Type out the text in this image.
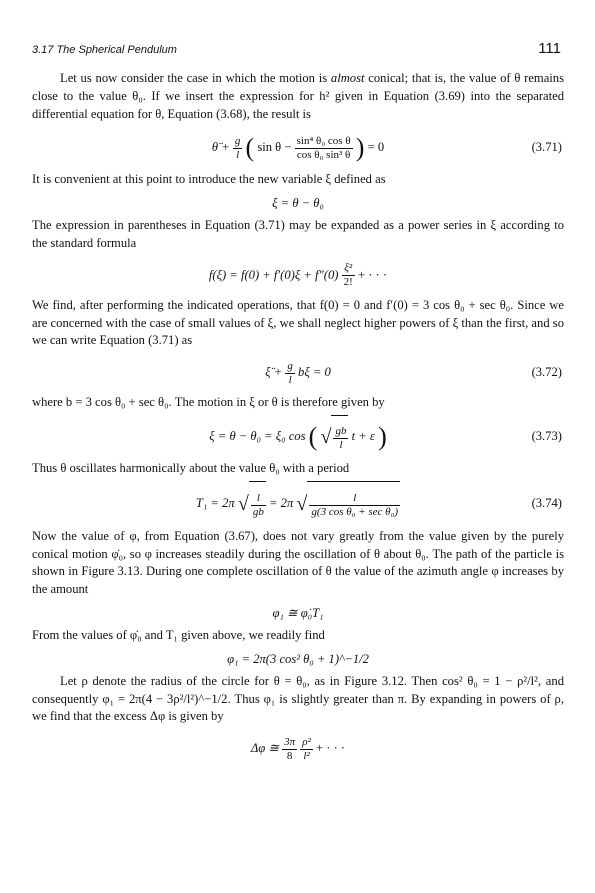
3.17 The Spherical Pendulum	111

Let us now consider the case in which the motion is almost conical; that is, the value of θ remains close to the value θ₀. If we insert the expression for h² given in Equation (3.69) into the separated differential equation for θ, Equation (3.68), the result is

θ̈ + $\frac{g}{l}$ ( $\sin \theta - \frac{\text{sin⁴ θ₀ cos θ}}{\text{cos θ₀ sin³ θ}}$ ) = 0	(3.71)

It is convenient at this point to introduce the new variable ξ defined as

ξ = θ − θ₀

The expression in parentheses in Equation (3.71) may be expanded as a power series in ξ according to the standard formula

$f(\xi) = f(0) + f'(0)\xi + f''(0) \frac{\text{ξ²}}{2!}$ + · · ·

We find, after performing the indicated operations, that f(0) = 0 and f′(0) = 3 cos θ₀ + sec θ₀. Since we are concerned with the case of small values of ξ, we shall neglect higher powers of ξ than the first, and so we can write Equation (3.71) as

ξ̈ + $\frac{g}{l}$ bξ = 0	(3.72)

where b = 3 cos θ₀ + sec θ₀. The motion in ξ or θ is therefore given by

ξ = θ − θ₀ = ξ₀ cos ( √ $\frac{gb}{l}$ t + ε )	(3.73)

Thus θ oscillates harmonically about the value θ₀ with a period

T₁ = 2π √ $\frac{l}{gb} = 2\pi$ √ $\frac{l}{\text{g(3 cos θ₀ + sec θ₀)}}$	(3.74)

Now the value of φ, from Equation (3.67), does not vary greatly from the value given by the purely conical motion φ̇₀, so φ increases steadily during the oscillation of θ about θ₀. The path of the particle is shown in Figure 3.13. During one complete oscillation of θ the value of the azimuth angle φ increases by the amount

φ₁ ≅ φ̇₀T₁

From the values of φ̇₀ and T₁ given above, we readily find

φ₁ = 2π(3 cos² θ₀ + 1)^−1/2

Let ρ denote the radius of the circle for θ = θ₀, as in Figure 3.12. Then cos² θ₀ = 1 − ρ²/l², and consequently φ₁ = 2π(4 − 3ρ²/l²)^−1/2. Thus φ₁ is slightly greater than π. By expanding in powers of ρ, we find that the excess Δφ is given by

Δφ ≅ $\frac{3\pi}{8}$
$\frac{\text{ρ²}}{\text{l²}}$ + · · ·
